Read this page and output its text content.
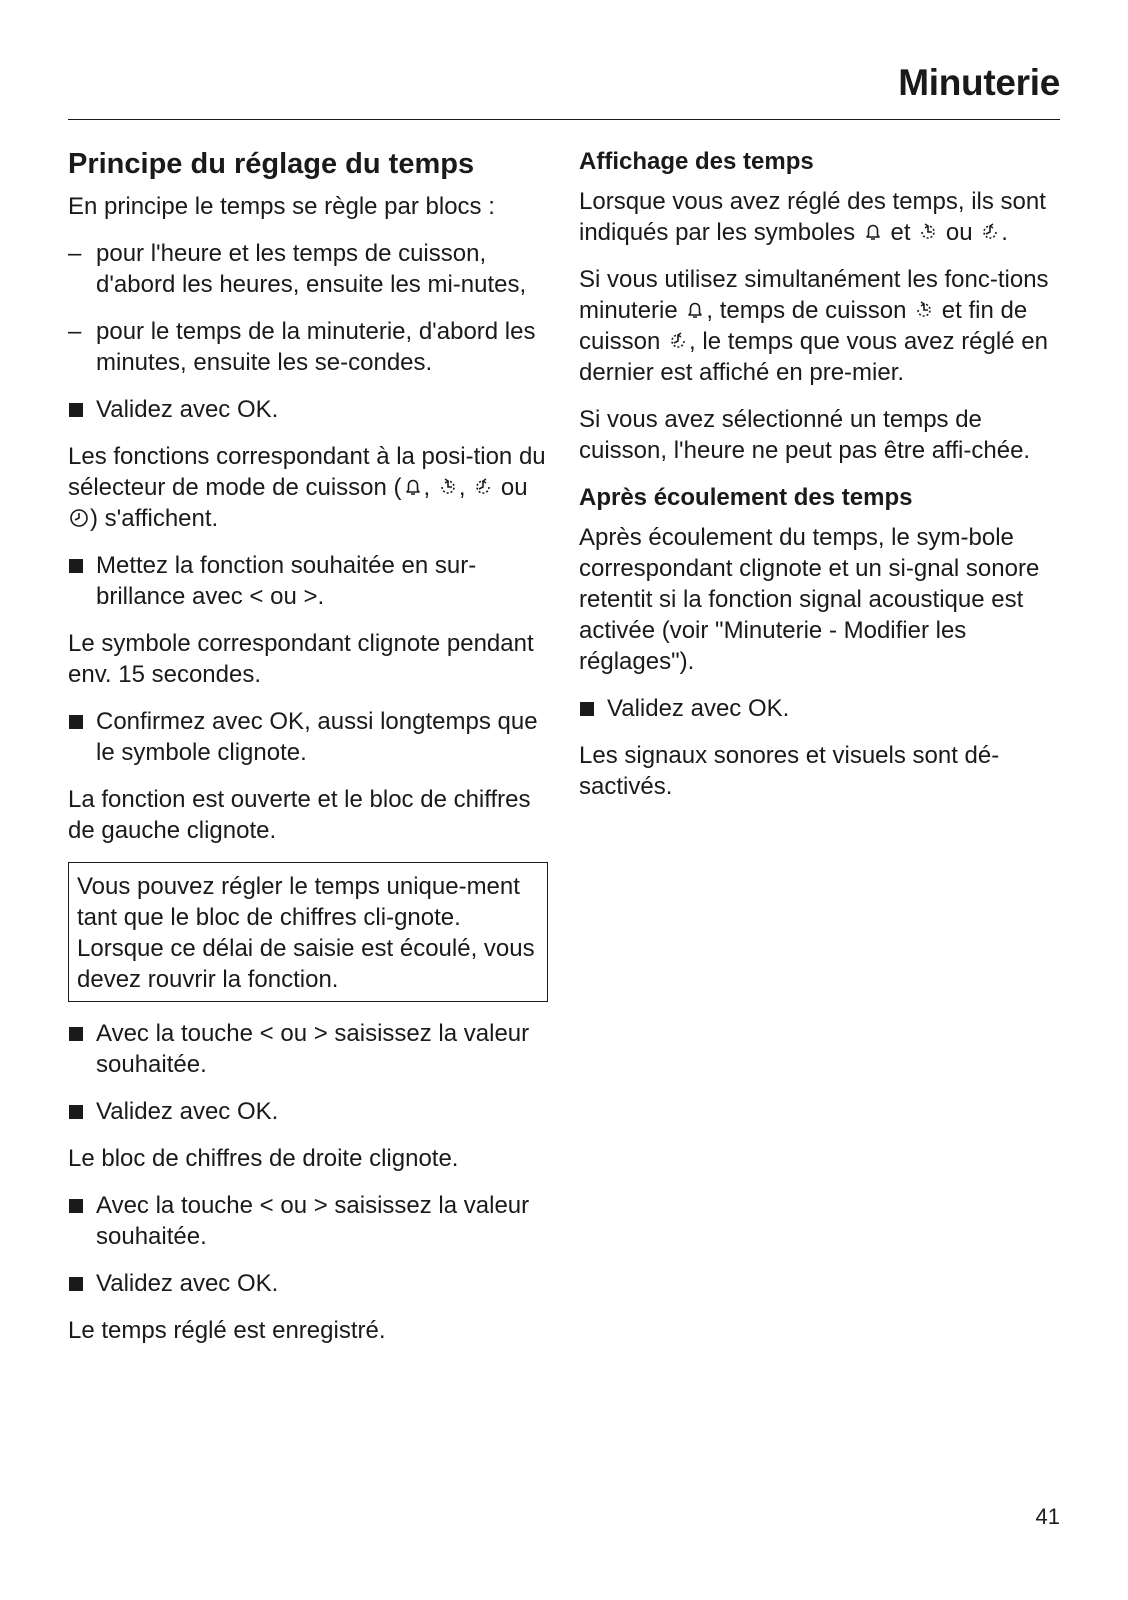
Minuterie
Principe du réglage du temps

En principe le temps se règle par blocs :

– pour l'heure et les temps de cuisson, d'abord les heures, ensuite les mi-nutes,
– pour le temps de la minuterie, d'abord les minutes, ensuite les se-condes.
Validez avec OK.

Les fonctions correspondant à la posi-tion du sélecteur de mode de cuisson ( ,
,
ou
) s'affichent.

Mettez la fonction souhaitée en sur-brillance avec < ou >.

Le symbole correspondant clignote pendant env. 15 secondes.

Confirmez avec OK, aussi longtemps que le symbole clignote.

La fonction est ouverte et le bloc de chiffres de gauche clignote.

Vous pouvez régler le temps unique-ment tant que le bloc de chiffres cli-gnote. Lorsque ce délai de saisie est écoulé, vous devez rouvrir la fonction.
Avec la touche < ou > saisissez la valeur souhaitée.
Validez avec OK.

Le bloc de chiffres de droite clignote.

Avec la touche < ou > saisissez la valeur souhaitée.
Validez avec OK.

Le temps réglé est enregistré.

Affichage des temps

Lorsque vous avez réglé des temps, ils sont indiqués par les symboles
et
ou
.

Si vous utilisez simultanément les fonc-tions minuterie
, temps de cuisson
et fin de cuisson
, le temps que vous avez réglé en dernier est affiché en pre-mier.

Si vous avez sélectionné un temps de cuisson, l'heure ne peut pas être affi-chée.

Après écoulement des temps

Après écoulement du temps, le sym-bole correspondant clignote et un si-gnal sonore retentit si la fonction signal acoustique est activée (voir "Minuterie - Modifier les réglages").

Validez avec OK.

Les signaux sonores et visuels sont dé-sactivés.

41
